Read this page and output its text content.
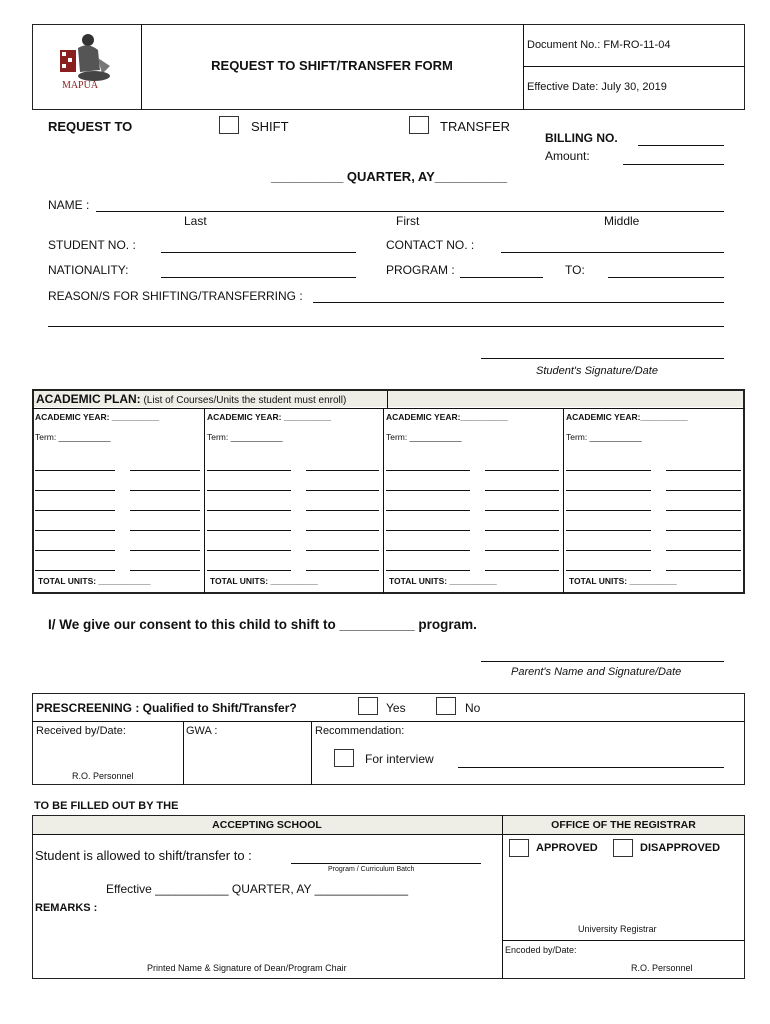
MAPUA
REQUEST TO SHIFT/TRANSFER FORM
Document No.: FM-RO-11-04
Effective Date: July 30, 2019
REQUEST TO	SHIFT	TRANSFER
BILLING NO.
Amount:
__________ QUARTER, AY__________
NAME :
Last	First	Middle
STUDENT NO. :	CONTACT NO. :
NATIONALITY:	PROGRAM :	TO:
REASON/S FOR SHIFTING/TRANSFERRING :
Student's Signature/Date
ACADEMIC PLAN: (List of Courses/Units the student must enroll)
ACADEMIC YEAR: __________
Term: ___________
TOTAL UNITS: ___________
ACADEMIC YEAR: __________
Term: ___________
TOTAL UNITS: __________
ACADEMIC YEAR:__________
Term: ___________
TOTAL UNITS: __________
ACADEMIC YEAR:__________
Term: ___________
TOTAL UNITS: __________
I/ We give our consent to this child to shift to __________ program.
Parent's Name and Signature/Date
PRESCREENING : Qualified to Shift/Transfer?	Yes	No
Received by/Date:	GWA :	Recommendation:
For interview
R.O. Personnel
TO BE FILLED OUT BY THE
ACCEPTING SCHOOL	OFFICE OF THE REGISTRAR
Student is allowed to shift/transfer to :
Program / Curriculum Batch
Effective ___________ QUARTER, AY ______________
REMARKS :
Printed Name & Signature of Dean/Program Chair
APPROVED	DISAPPROVED
University Registrar
Encoded by/Date:
R.O. Personnel
